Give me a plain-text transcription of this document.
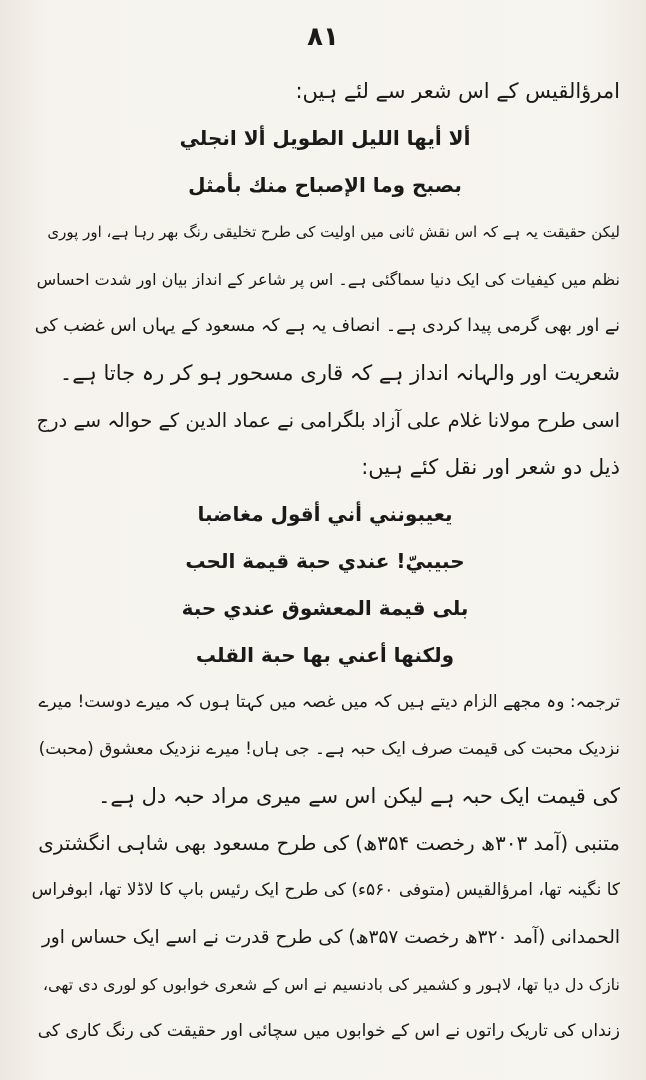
۸۱
امرؤالقیس کے اس شعر سے لئے ہیں:
ألا أيها الليل الطويل ألا انجلي
بصبح وما الإصباح منك بأمثل
لیکن حقیقت یہ ہے کہ اس نقش ثانی میں اولیت کی طرح تخلیقی رنگ بھر رہا ہے، اور پوری
نظم میں کیفیات کی ایک دنیا سماگئی ہے۔ اس پر شاعر کے انداز بیان اور شدت احساس
نے اور بھی گرمی پیدا کردی ہے۔ انصاف یہ ہے کہ مسعود کے یہاں اس غضب کی
شعریت اور والہانہ انداز ہے کہ قاری مسحور ہو کر رہ جاتا ہے۔
اسی طرح مولانا غلام علی آزاد بلگرامی نے عماد الدین کے حوالہ سے درج
ذیل دو شعر اور نقل کئے ہیں:
يعيبونني أني أقول مغاضبا
حبيبيّ! عندي حبة قيمة الحب
بلى قيمة المعشوق عندي حبة
ولكنها أعني بها حبة القلب
ترجمہ: وہ مجھے الزام دیتے ہیں کہ میں غصہ میں کہتا ہوں کہ میرے دوست! میرے
نزدیک محبت کی قیمت صرف ایک حبہ ہے۔ جی ہاں! میرے نزدیک معشوق (محبت)
کی قیمت ایک حبہ ہے لیکن اس سے میری مراد حبہ دل ہے۔
متنبی (آمد ۳۰۳ھ رخصت ۳۵۴ھ) کی طرح مسعود بھی شاہی انگشتری
کا نگینہ تھا، امرؤالقیس (متوفی ۵۶۰ء) کی طرح ایک رئیس باپ کا لاڈلا تھا، ابوفراس
الحمدانی (آمد ۳۲۰ھ رخصت ۳۵۷ھ) کی طرح قدرت نے اسے ایک حساس اور
نازک دل دیا تھا، لاہور و کشمیر کی بادنسیم نے اس کے شعری خوابوں کو لوری دی تھی،
زنداں کی تاریک راتوں نے اس کے خوابوں میں سچائی اور حقیقت کی رنگ کاری کی
